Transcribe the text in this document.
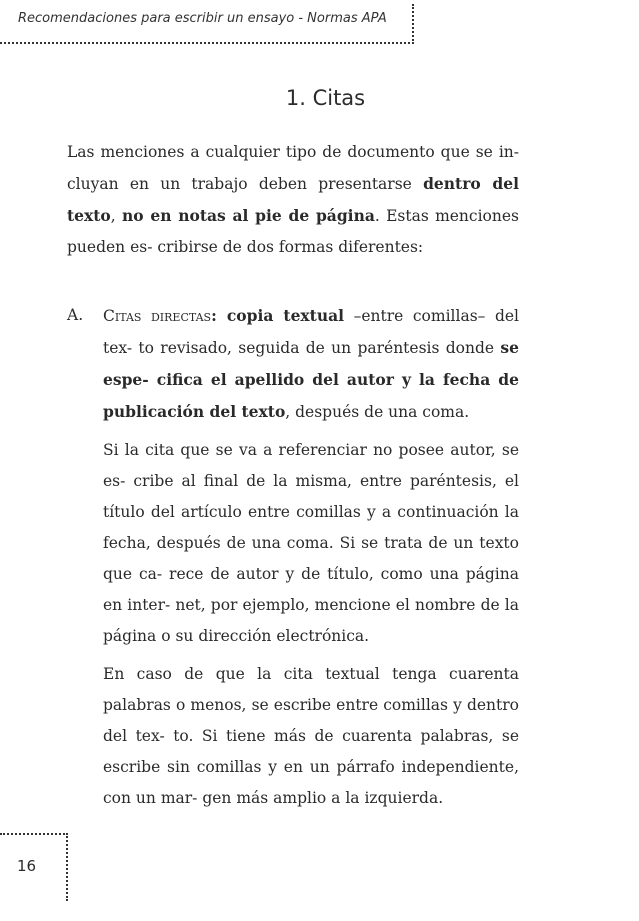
Recomendaciones para escribir un ensayo - Normas APA
1. Citas

Las menciones a cualquier tipo de documento que se in- cluyan en un trabajo deben presentarse dentro del texto, no en notas al pie de página. Estas menciones pueden es- cribirse de dos formas diferentes:

A. Citas directas: copia textual –entre comillas– del tex- to revisado, seguida de un paréntesis donde se espe- cifica el apellido del autor y la fecha de publicación del texto, después de una coma.

Si la cita que se va a referenciar no posee autor, se es- cribe al final de la misma, entre paréntesis, el título del artículo entre comillas y a continuación la fecha, después de una coma. Si se trata de un texto que ca- rece de autor y de título, como una página en inter- net, por ejemplo, mencione el nombre de la página o su dirección electrónica.

En caso de que la cita textual tenga cuarenta palabras o menos, se escribe entre comillas y dentro del tex- to. Si tiene más de cuarenta palabras, se escribe sin comillas y en un párrafo independiente, con un mar- gen más amplio a la izquierda.

16
